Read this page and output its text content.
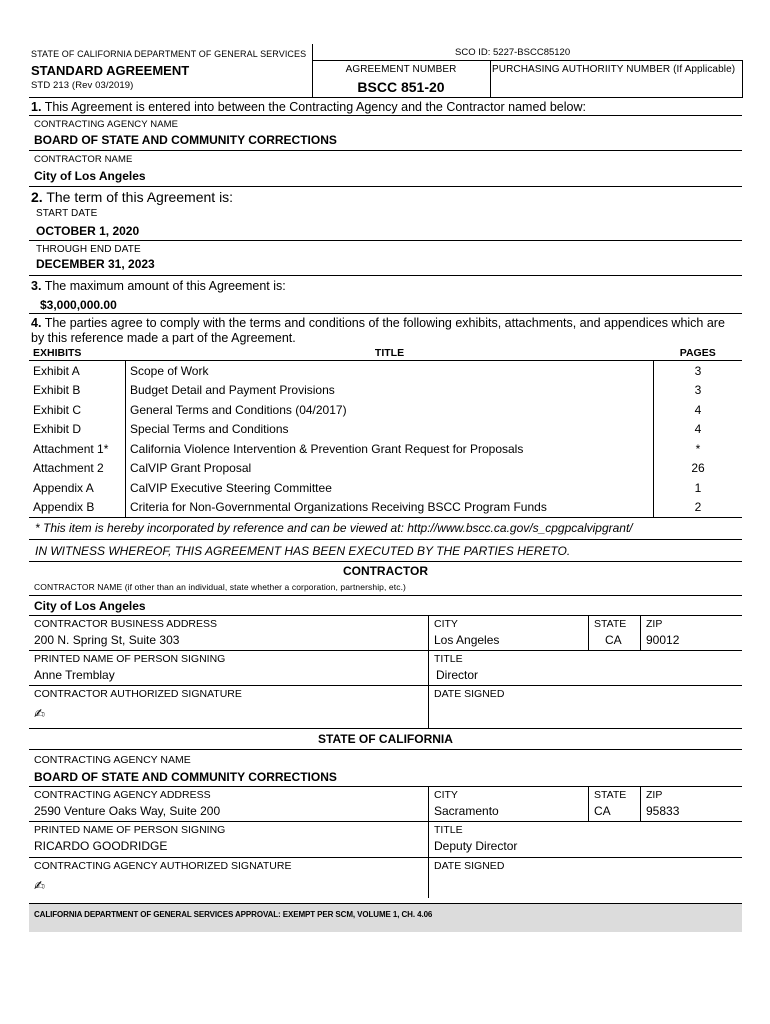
STATE OF CALIFORNIA DEPARTMENT OF GENERAL SERVICES
STANDARD AGREEMENT
STD 213 (Rev 03/2019)
SCO ID: 5227-BSCC85120
AGREEMENT NUMBER
BSCC 851-20
PURCHASING AUTHORIITY NUMBER (If Applicable)
1. This Agreement is entered into between the Contracting Agency and the Contractor named below:
CONTRACTING AGENCY NAME
BOARD OF STATE AND COMMUNITY CORRECTIONS
CONTRACTOR NAME
City of Los Angeles
2. The term of this Agreement is:
START DATE
OCTOBER 1, 2020
THROUGH END DATE
DECEMBER 31, 2023
3. The maximum amount of this Agreement is:
$3,000,000.00
4. The parties agree to comply with the terms and conditions of the following exhibits, attachments, and appendices which are by this reference made a part of the Agreement.
EXHIBITS	TITLE	PAGES
Exhibit A	Scope of Work	3
Exhibit B	Budget Detail and Payment Provisions	3
Exhibit C	General Terms and Conditions (04/2017)	4
Exhibit D	Special Terms and Conditions	4
Attachment 1*	California Violence Intervention & Prevention Grant Request for Proposals	*
Attachment 2	CalVIP Grant Proposal	26
Appendix A	CalVIP Executive Steering Committee	1
Appendix B	Criteria for Non-Governmental Organizations Receiving BSCC Program Funds	2
* This item is hereby incorporated by reference and can be viewed at: http://www.bscc.ca.gov/s_cpgpcalvipgrant/
IN WITNESS WHEREOF, THIS AGREEMENT HAS BEEN EXECUTED BY THE PARTIES HERETO.
CONTRACTOR
CONTRACTOR NAME (if other than an individual, state whether a corporation, partnership, etc.)
City of Los Angeles
CONTRACTOR BUSINESS ADDRESS
200 N. Spring St, Suite 303
CITY
Los Angeles
STATE
CA
ZIP
90012
PRINTED NAME OF PERSON SIGNING
Anne Tremblay
TITLE
Director
CONTRACTOR AUTHORIZED SIGNATURE
✍
DATE SIGNED
STATE OF CALIFORNIA
CONTRACTING AGENCY NAME
BOARD OF STATE AND COMMUNITY CORRECTIONS
CONTRACTING AGENCY ADDRESS
2590 Venture Oaks Way, Suite 200
CITY
Sacramento
STATE
CA
ZIP
95833
PRINTED NAME OF PERSON SIGNING
RICARDO GOODRIDGE
TITLE
Deputy Director
CONTRACTING AGENCY AUTHORIZED SIGNATURE
✍
DATE SIGNED
CALIFORNIA DEPARTMENT OF GENERAL SERVICES APPROVAL: EXEMPT PER SCM, VOLUME 1, CH. 4.06
